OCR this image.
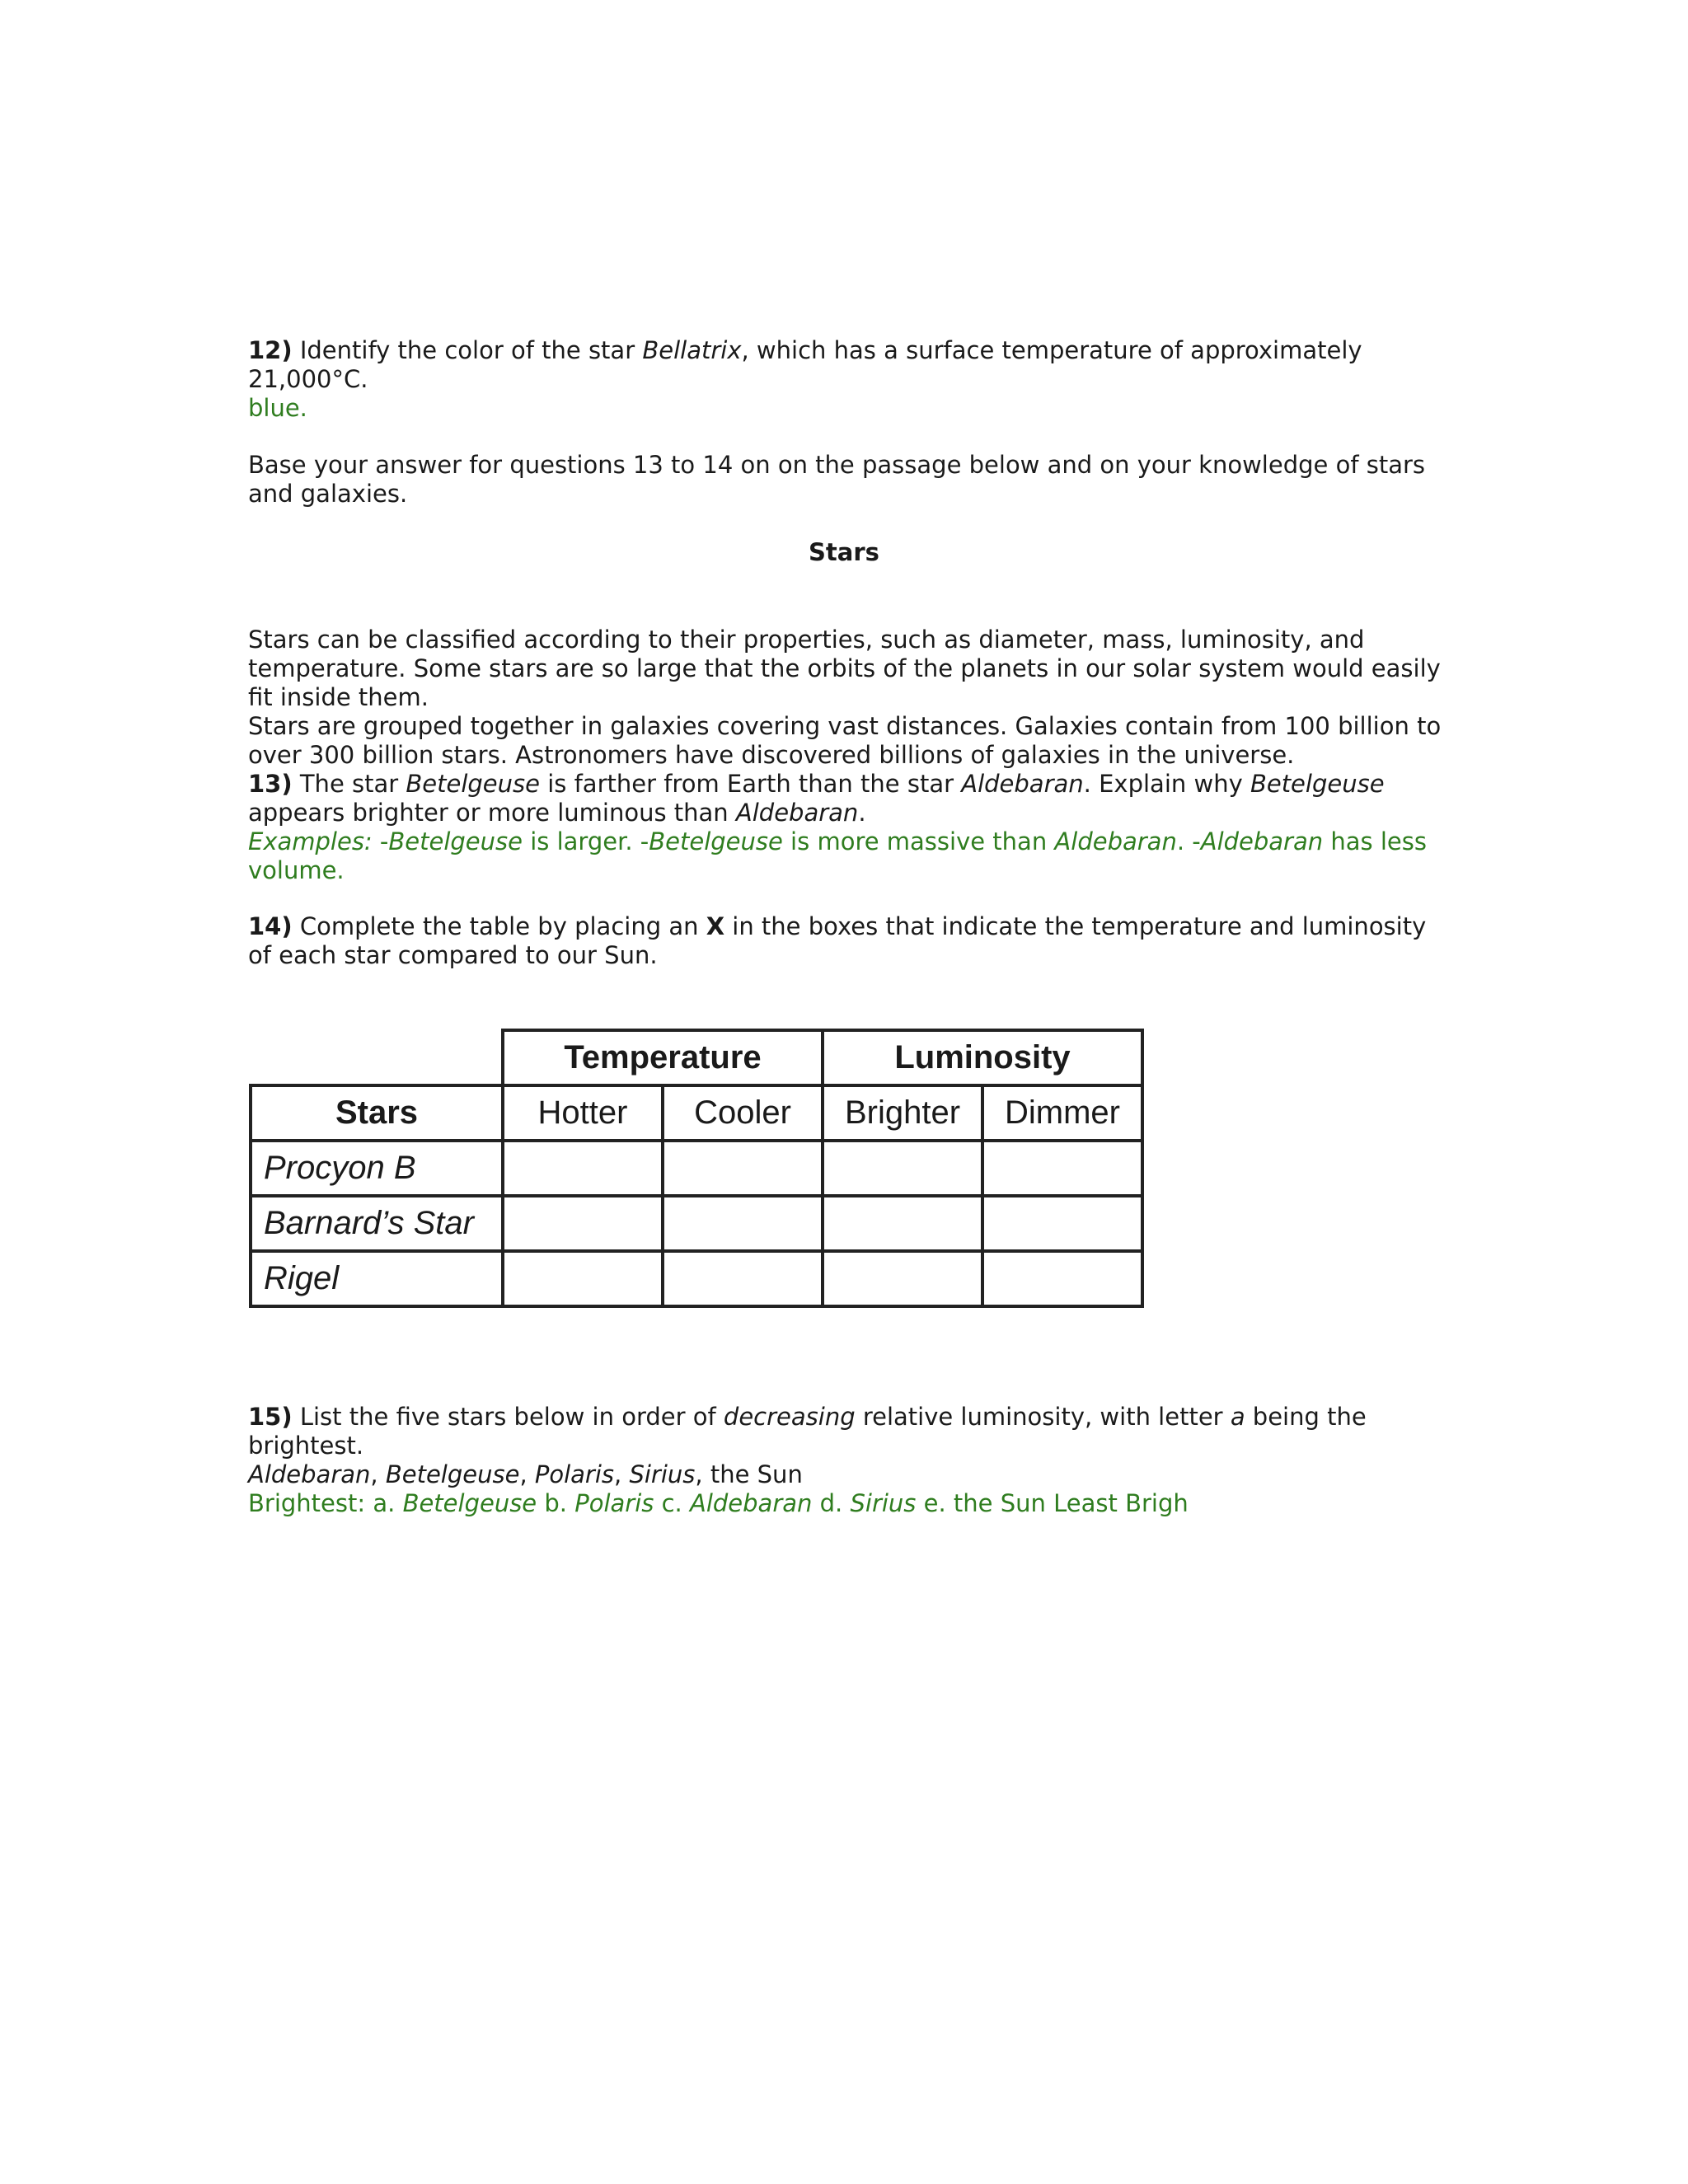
12) Identify the color of the star Bellatrix, which has a surface temperature of approximately 21,000°C.
blue.

Base your answer for questions 13 to 14 on on the passage below and on your knowledge of stars and galaxies.

Stars

Stars can be classified according to their properties, such as diameter, mass, luminosity, and temperature. Some stars are so large that the orbits of the planets in our solar system would easily fit inside them.

Stars are grouped together in galaxies covering vast distances. Galaxies contain from 100 billion to over 300 billion stars. Astronomers have discovered billions of galaxies in the universe.

13) The star Betelgeuse is farther from Earth than the star Aldebaran. Explain why Betelgeuse appears brighter or more luminous than Aldebaran.
Examples: -Betelgeuse is larger. -Betelgeuse is more massive than Aldebaran. -Aldebaran has less volume.

14) Complete the table by placing an X in the boxes that indicate the temperature and luminosity of each star compared to our Sun.

	Temperature		Luminosity	
Stars	Hotter	Cooler	Brighter	Dimmer
Procyon B				
Barnard’s Star				
Rigel				

15) List the five stars below in order of decreasing relative luminosity, with letter a being the brightest.
Aldebaran, Betelgeuse, Polaris, Sirius, the Sun
Brightest: a. Betelgeuse b. Polaris c. Aldebaran d. Sirius e. the Sun Least Brigh
